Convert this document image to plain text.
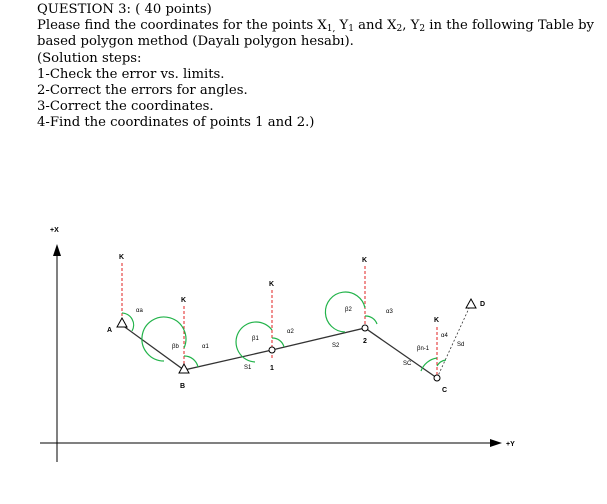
QUESTION 3: ( 40 points)
Please find the coordinates for the points $X_{1,}$ $Y_1$ and $X_2$, $Y_2$ in the following Table by
based polygon method (Dayalı polygon hesabı).
(Solution steps:
1-Check the error vs. limits.
2-Correct the errors for angles.
3-Correct the coordinates.
4-Find the coordinates of points 1 and 2.)
+X
+Y
K
K
K
K
K
A
B
1
2
C
D
S1
S2
SC
Sd
αa
α1
βb
β1
α2
β2	α3
βn-1
α4
